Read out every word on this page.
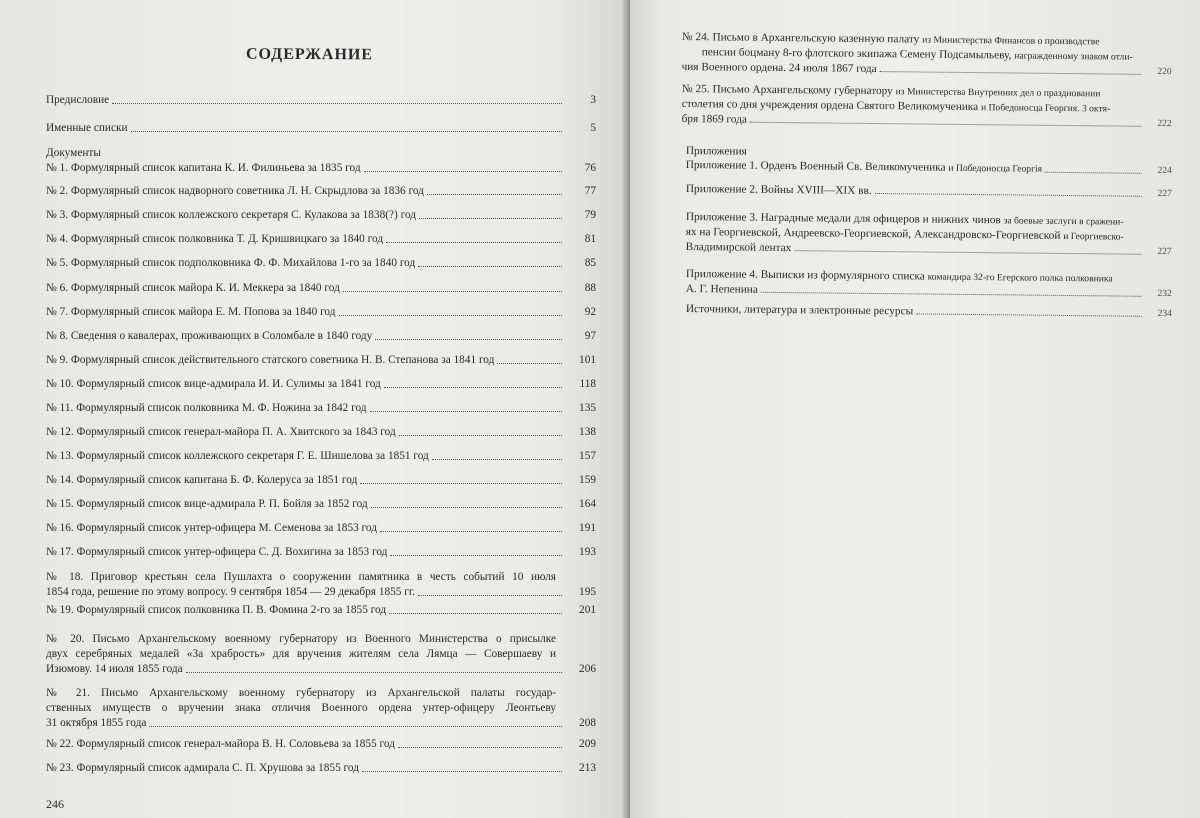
СОДЕРЖАНИЕ
Предисловие	3
Именные списки	5
Документы
№ 1. Формулярный список капитана К. И. Филиньева за 1835 год	76
№ 2. Формулярный список надворного советника Л. Н. Скрыдлова за 1836 год	77
№ 3. Формулярный список коллежского секретаря С. Кулакова за 1838(?) год	79
№ 4. Формулярный список полковника Т. Д. Кришвицкаго за 1840 год	81
№ 5. Формулярный список подполковника Ф. Ф. Михайлова 1-го за 1840 год	85
№ 6. Формулярный список майора К. И. Меккера за 1840 год	88
№ 7. Формулярный список майора Е. М. Попова за 1840 год	92
№ 8. Сведения о кавалерах, проживающих в Соломбале в 1840 году	97
№ 9. Формулярный список действительного статского советника Н. В. Степанова за 1841 год	101
№ 10. Формулярный список вице-адмирала И. И. Сулимы за 1841 год	118
№ 11. Формулярный список полковника М. Ф. Ножина за 1842 год	135
№ 12. Формулярный список генерал-майора П. А. Хвитского за 1843 год	138
№ 13. Формулярный список коллежского секретаря Г. Е. Шишелова за 1851 год	157
№ 14. Формулярный список капитана Б. Ф. Колеруса за 1851 год	159
№ 15. Формулярный список вице-адмирала Р. П. Бойля за 1852 год	164
№ 16. Формулярный список унтер-офицера М. Семенова за 1853 год	191
№ 17. Формулярный список унтер-офицера С. Д. Вохигина за 1853 год	193
№ 18. Приговор крестьян села Пушлахта о сооружении памятника в честь событий 10 июля
1854 года, решение по этому вопросу. 9 сентября 1854 — 29 декабря 1855 гг.	195
№ 19. Формулярный список полковника П. В. Фомина 2-го за 1855 год	201
№ 20. Письмо Архангельскому военному губернатору из Военного Министерства о присылке
двух серебряных медалей «За храбрость» для вручения жителям села Лямца — Совершаеву и
Изюмову. 14 июля 1855 года	206
№ 21. Письмо Архангельскому военному губернатору из Архангельской палаты государ-
ственных имуществ о вручении знака отличия Военного ордена унтер-офицеру Леонтьеву
31 октября 1855 года	208
№ 22. Формулярный список генерал-майора В. Н. Соловьева за 1855 год	209
№ 23. Формулярный список адмирала С. П. Хрушова за 1855 год	213
246
№ 24. Письмо в Архангельскую казенную палату из Министерства Финансов о производстве
пенсии боцману 8-го флотского экипажа Семену Подсамыльеву, награжденному знаком отли-
чия Военного ордена. 24 июля 1867 года	220
№ 25. Письмо Архангельскому губернатору из Министерства Внутренних дел о праздновании
столетия со дня учреждения ордена Святого Великомученика и Победоносца Георгия. 3 октя-
бря 1869 года	222
Приложения
Приложение 1. Орденъ Военный Св. Великомученика и Победоносца Георгія	224
Приложение 2. Войны XVIII—XIX вв.	227
Приложение 3. Наградные медали для офицеров и нижних чинов за боевые заслуги в сражени-
ях на Георгиевской, Андреевско-Георгиевской, Александровско-Георгиевской и Георгиевско-
Владимирской лентах	227
Приложение 4. Выписки из формулярного списка командира 32-го Егерского полка полковника
А. Г. Непенина	232
Источники, литература и электронные ресурсы	234
